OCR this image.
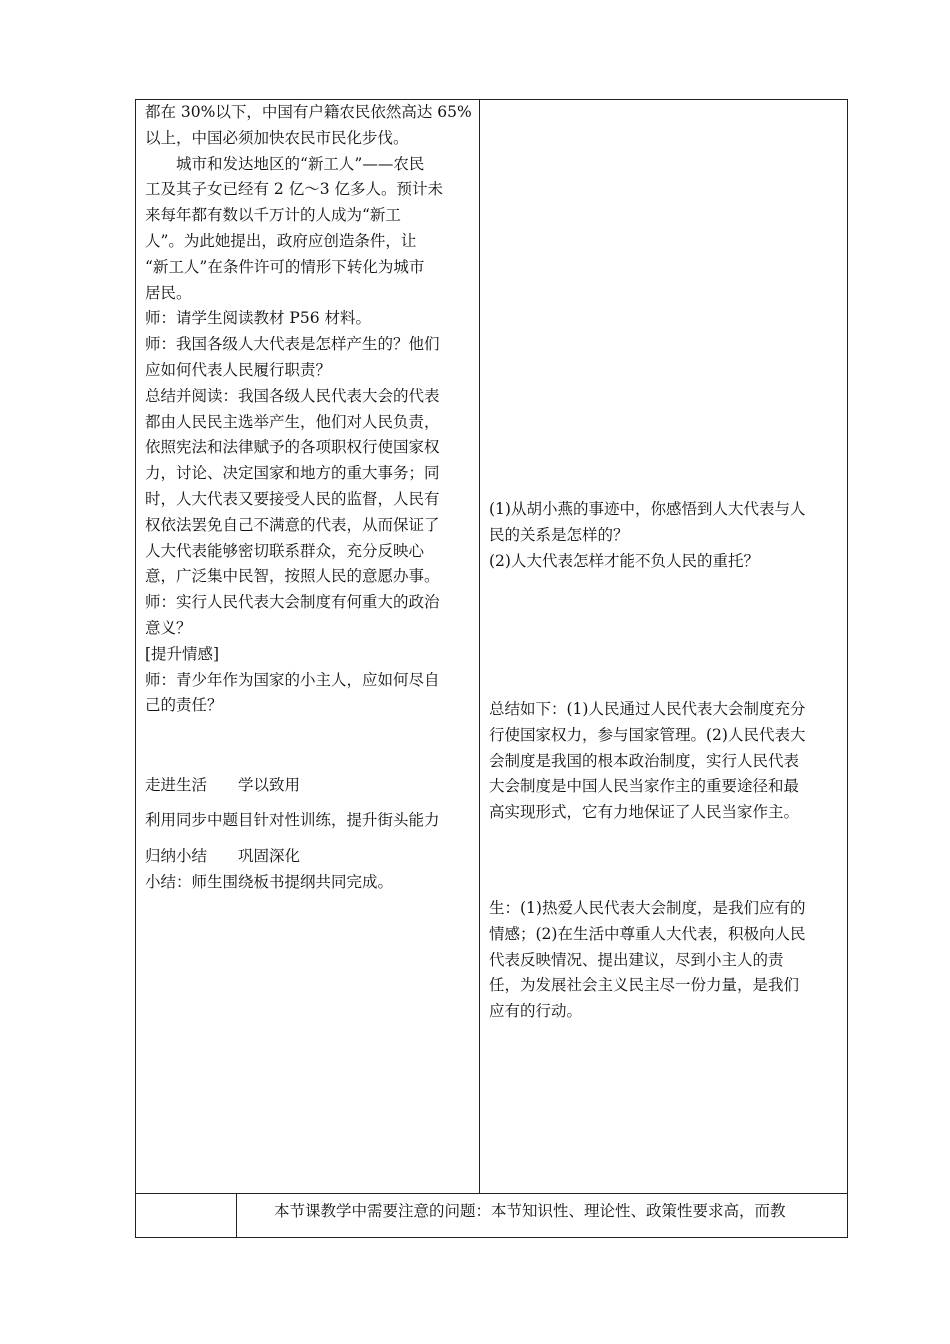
都在 30%以下，中国有户籍农民依然高达 65%

以上，中国必须加快农民市民化步伐。

　　城市和发达地区的“新工人”——农民

工及其子女已经有 2 亿～3 亿多人。预计未

来每年都有数以千万计的人成为“新工

人”。为此她提出，政府应创造条件，让

“新工人”在条件许可的情形下转化为城市

居民。

师：请学生阅读教材 P56 材料。

师：我国各级人大代表是怎样产生的？他们

应如何代表人民履行职责？

总结并阅读：我国各级人民代表大会的代表

都由人民民主选举产生，他们对人民负责，

依照宪法和法律赋予的各项职权行使国家权

力，讨论、决定国家和地方的重大事务；同

时，人大代表又要接受人民的监督，人民有

权依法罢免自己不满意的代表，从而保证了

人大代表能够密切联系群众，充分反映心

意，广泛集中民智，按照人民的意愿办事。

师：实行人民代表大会制度有何重大的政治

意义？

[提升情感]

师：青少年作为国家的小主人，应如何尽自

己的责任？

走进生活　　学以致用

利用同步中题目针对性训练，提升街头能力

归纳小结　　巩固深化

小结：师生围绕板书提纲共同完成。

(1)从胡小燕的事迹中，你感悟到人大代表与人

民的关系是怎样的？

(2)人大代表怎样才能不负人民的重托？

总结如下：(1)人民通过人民代表大会制度充分

行使国家权力，参与国家管理。(2)人民代表大

会制度是我国的根本政治制度，实行人民代表

大会制度是中国人民当家作主的重要途径和最

高实现形式，它有力地保证了人民当家作主。

生：(1)热爱人民代表大会制度，是我们应有的

情感；(2)在生活中尊重人大代表，积极向人民

代表反映情况、提出建议，尽到小主人的责

任，为发展社会主义民主尽一份力量，是我们

应有的行动。

本节课教学中需要注意的问题：本节知识性、理论性、政策性要求高，而教
